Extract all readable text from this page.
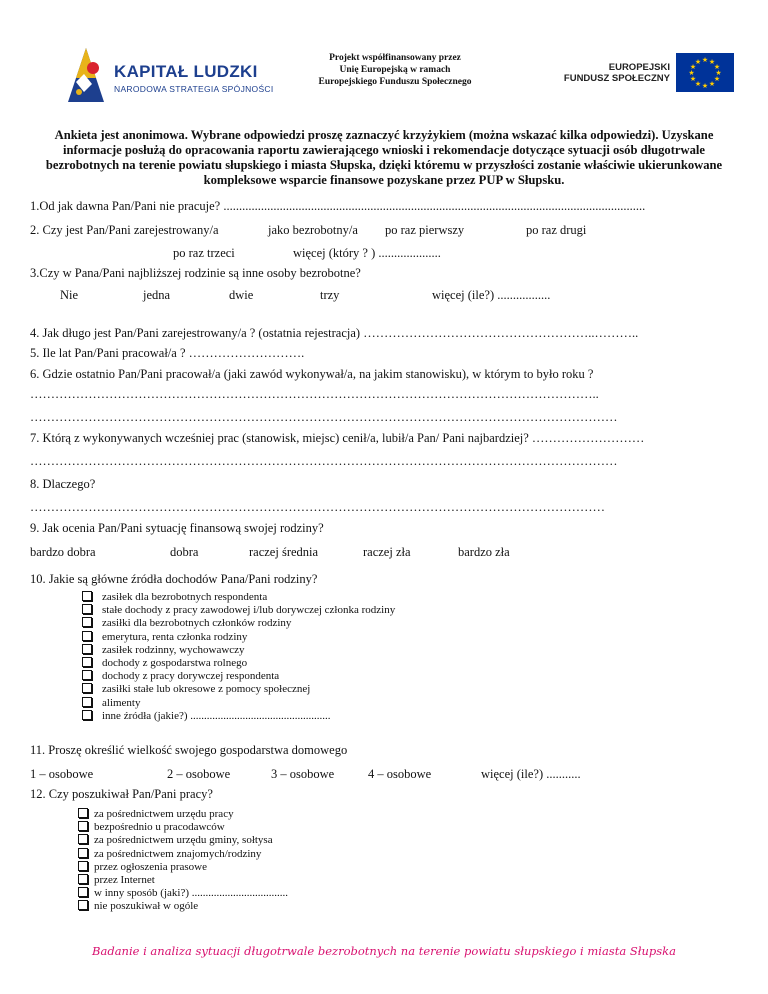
KAPITAŁ LUDZKI
NARODOWA STRATEGIA SPÓJNOŚCI
Projekt współfinansowany przez
Unię Europejską w ramach
Europejskiego Funduszu Społecznego
EUROPEJSKI
FUNDUSZ SPOŁECZNY
★ ★
★
★
★
★
★
★
★
★
★
★
Ankieta jest anonimowa. Wybrane odpowiedzi proszę zaznaczyć krzyżykiem (można wskazać kilka odpowiedzi). Uzyskane informacje posłużą do opracowania raportu zawierającego wnioski i rekomendacje dotyczące sytuacji osób długotrwale bezrobotnych na terenie powiatu słupskiego i miasta Słupska, dzięki któremu w przyszłości zostanie właściwie ukierunkowane kompleksowe wsparcie finansowe pozyskane przez PUP w Słupsku.
1.Od jak dawna Pan/Pani nie pracuje? .......................................................................................................................................
2. Czy jest Pan/Pani zarejestrowany/a	jako bezrobotny/a po raz pierwszy	po raz drugi
po raz trzeci	więcej (który ? ) ....................
3.Czy w Pana/Pani najbliższej rodzinie są inne osoby bezrobotne?
Nie	jedna	dwie	trzy	więcej (ile?) .................
4. Jak długo jest Pan/Pani zarejestrowany/a ? (ostatnia rejestracja) ………………………………………………..………..
5. Ile lat Pan/Pani pracował/a ? ……………………….
6. Gdzie ostatnio Pan/Pani pracował/a (jaki zawód wykonywał/a, na jakim stanowisku), w którym to było roku ?
………………………………………………………………………………………………………………………..
……………………………………………………………………………………………………………………………
7. Którą z wykonywanych wcześniej prac (stanowisk, miejsc) cenił/a, lubił/a Pan/ Pani najbardziej? ………………………
……………………………………………………………………………………………………………………………
8. Dlaczego?
…………………………………………………………………………………………………………………………
9. Jak ocenia Pan/Pani sytuację finansową swojej rodziny?
bardzo dobra	dobra	raczej średnia	raczej zła	bardzo zła
10. Jakie są główne źródła dochodów Pana/Pani rodziny?
zasiłek dla bezrobotnych respondenta
stałe dochody z pracy zawodowej i/lub dorywczej członka rodziny
zasiłki dla bezrobotnych członków rodziny
emerytura, renta członka rodziny
zasiłek rodzinny, wychowawczy
dochody z gospodarstwa rolnego
dochody z pracy dorywczej respondenta
zasiłki stałe lub okresowe z pomocy społecznej
alimenty
inne źródła (jakie?) ...................................................
11. Proszę określić wielkość swojego gospodarstwa domowego
1 – osobowe	2 – osobowe	3 – osobowe	4 – osobowe	więcej (ile?) ...........
12. Czy poszukiwał Pan/Pani pracy?
za pośrednictwem urzędu pracy
bezpośrednio u pracodawców
za pośrednictwem urzędu gminy, sołtysa
za pośrednictwem znajomych/rodziny
przez ogłoszenia prasowe
przez Internet
w inny sposób (jaki?) ...................................
nie poszukiwał w ogóle
Badanie i analiza sytuacji długotrwale bezrobotnych na terenie powiatu słupskiego i miasta Słupska
